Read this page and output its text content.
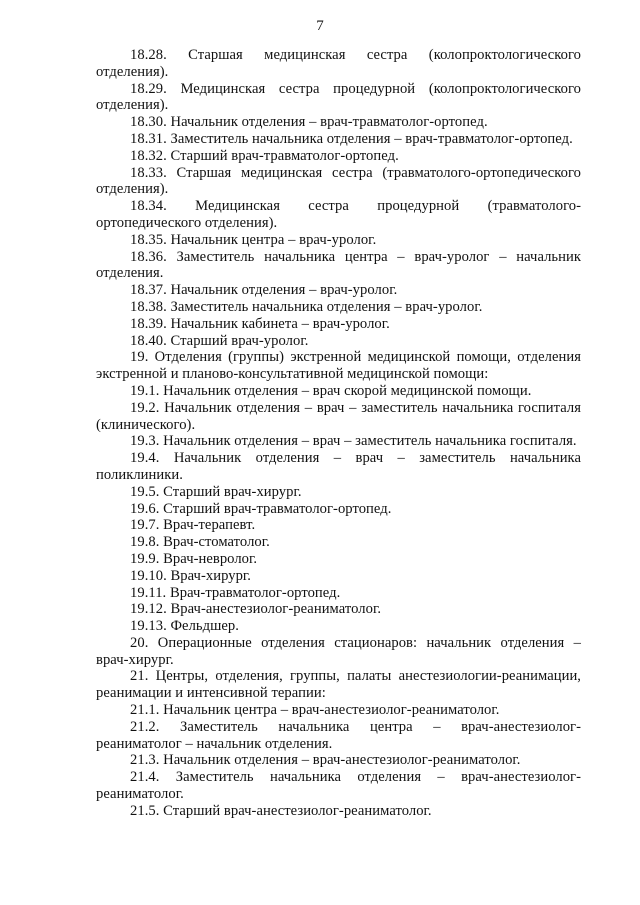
7

18.28. Старшая медицинская сестра (колопроктологического отделения).

18.29. Медицинская сестра процедурной (колопроктологического отделения).

18.30. Начальник отделения – врач-травматолог-ортопед.

18.31. Заместитель начальника отделения – врач-травматолог-ортопед.

18.32. Старший врач-травматолог-ортопед.

18.33. Старшая медицинская сестра (травматолого-ортопедического отделения).

18.34. Медицинская сестра процедурной (травматолого-ортопедического отделения).

18.35. Начальник центра – врач-уролог.

18.36. Заместитель начальника центра – врач-уролог – начальник отделения.

18.37. Начальник отделения – врач-уролог.

18.38. Заместитель начальника отделения – врач-уролог.

18.39. Начальник кабинета – врач-уролог.

18.40. Старший врач-уролог.

19. Отделения (группы) экстренной медицинской помощи, отделения экстренной и планово-консультативной медицинской помощи:

19.1. Начальник отделения – врач скорой медицинской помощи.

19.2. Начальник отделения – врач – заместитель начальника госпиталя (клинического).

19.3. Начальник отделения – врач – заместитель начальника госпиталя.

19.4. Начальник отделения – врач – заместитель начальника поликлиники.

19.5. Старший врач-хирург.

19.6. Старший врач-травматолог-ортопед.

19.7. Врач-терапевт.

19.8. Врач-стоматолог.

19.9. Врач-невролог.

19.10. Врач-хирург.

19.11. Врач-травматолог-ортопед.

19.12. Врач-анестезиолог-реаниматолог.

19.13. Фельдшер.

20. Операционные отделения стационаров: начальник отделения – врач-хирург.

21. Центры, отделения, группы, палаты анестезиологии-реанимации, реанимации и интенсивной терапии:

21.1. Начальник центра – врач-анестезиолог-реаниматолог.

21.2. Заместитель начальника центра – врач-анестезиолог-реаниматолог – начальник отделения.

21.3. Начальник отделения – врач-анестезиолог-реаниматолог.

21.4. Заместитель начальника отделения – врач-анестезиолог-реаниматолог.

21.5. Старший врач-анестезиолог-реаниматолог.
